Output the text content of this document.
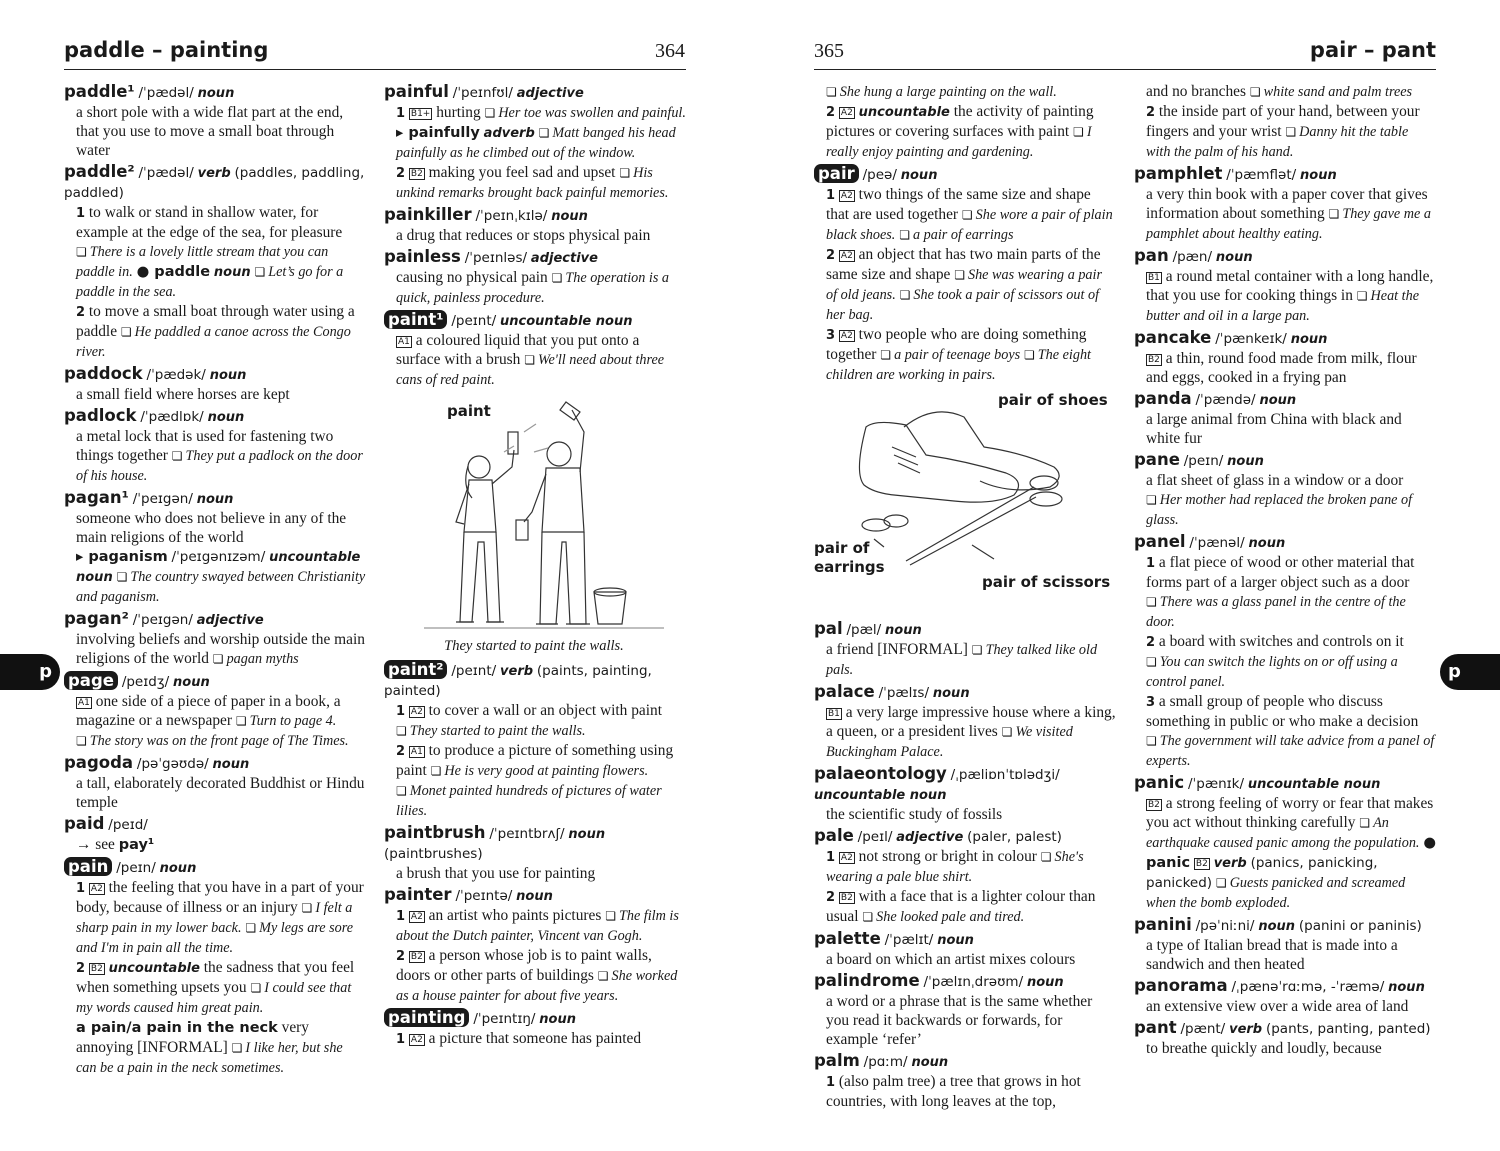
paddle – painting	364
p
paddle¹ /ˈpædəl/ noun
a short pole with a wide flat part at the end, that you use to move a small boat through water
paddle² /ˈpædəl/ verb (paddles, paddling, paddled)
1 to walk or stand in shallow water, for example at the edge of the sea, for pleasure ❏ There is a lovely little stream that you can paddle in. ● paddle noun ❏ Let’s go for a paddle in the sea.
2 to move a small boat through water using a paddle ❏ He paddled a canoe across the Congo river.
paddock /ˈpædək/ noun
a small field where horses are kept
padlock /ˈpædlɒk/ noun
a metal lock that is used for fastening two things together ❏ They put a padlock on the door of his house.
pagan¹ /ˈpeɪgən/ noun
someone who does not believe in any of the main religions of the world
▸ paganism /ˈpeɪgənɪzəm/ uncountable noun ❏ The country swayed between Christianity and paganism.
pagan² /ˈpeɪgən/ adjective
involving beliefs and worship outside the main religions of the world ❏ pagan myths
page /peɪdʒ/ noun
A1 one side of a piece of paper in a book, a magazine or a newspaper ❏ Turn to page 4. ❏ The story was on the front page of The Times.
pagoda /pəˈgəʊdə/ noun
a tall, elaborately decorated Buddhist or Hindu temple
paid /peɪd/
→ see pay¹
pain /peɪn/ noun
1 A2 the feeling that you have in a part of your body, because of illness or an injury ❏ I felt a sharp pain in my lower back. ❏ My legs are sore and I'm in pain all the time.
2 B2 uncountable the sadness that you feel when something upsets you ❏ I could see that my words caused him great pain.
a pain/a pain in the neck very annoying [INFORMAL] ❏ I like her, but she can be a pain in the neck sometimes.
painful /ˈpeɪnfʊl/ adjective
1 B1+ hurting ❏ Her toe was swollen and painful.
▸ painfully adverb ❏ Matt banged his head painfully as he climbed out of the window.
2 B2 making you feel sad and upset ❏ His unkind remarks brought back painful memories.
painkiller /ˈpeɪnˌkɪlə/ noun
a drug that reduces or stops physical pain
painless /ˈpeɪnləs/ adjective
causing no physical pain ❏ The operation is a quick, painless procedure.
paint¹ /peɪnt/ uncountable noun
A1 a coloured liquid that you put onto a surface with a brush ❏ We'll need about three cans of red paint.
paint
They started to paint the walls.
paint² /peɪnt/ verb (paints, painting, painted)
1 A2 to cover a wall or an object with paint ❏ They started to paint the walls.
2 A1 to produce a picture of something using paint ❏ He is very good at painting flowers. ❏ Monet painted hundreds of pictures of water lilies.
paintbrush /ˈpeɪntbrʌʃ/ noun (paintbrushes)
a brush that you use for painting
painter /ˈpeɪntə/ noun
1 A2 an artist who paints pictures ❏ The film is about the Dutch painter, Vincent van Gogh.
2 B2 a person whose job is to paint walls, doors or other parts of buildings ❏ She worked as a house painter for about five years.
painting /ˈpeɪntɪŋ/ noun
1 A2 a picture that someone has painted
365	pair – pant
p
❏ She hung a large painting on the wall.
2 A2 uncountable the activity of painting pictures or covering surfaces with paint ❏ I really enjoy painting and gardening.
pair /peə/ noun
1 A2 two things of the same size and shape that are used together ❏ She wore a pair of plain black shoes. ❏ a pair of earrings
2 A2 an object that has two main parts of the same size and shape ❏ She was wearing a pair of old jeans. ❏ She took a pair of scissors out of her bag.
3 A2 two people who are doing something together ❏ a pair of teenage boys ❏ The eight children are working in pairs.
pair of shoes
pair of earrings
pair of scissors
pal /pæl/ noun
a friend [INFORMAL] ❏ They talked like old pals.
palace /ˈpælɪs/ noun
B1 a very large impressive house where a king, a queen, or a president lives ❏ We visited Buckingham Palace.
palaeontology /ˌpæliɒnˈtɒlədʒi/ uncountable noun
the scientific study of fossils
pale /peɪl/ adjective (paler, palest)
1 A2 not strong or bright in colour ❏ She's wearing a pale blue shirt.
2 B2 with a face that is a lighter colour than usual ❏ She looked pale and tired.
palette /ˈpælɪt/ noun
a board on which an artist mixes colours
palindrome /ˈpælɪnˌdrəʊm/ noun
a word or a phrase that is the same whether you read it backwards or forwards, for example ‘refer’
palm /pɑːm/ noun
1 (also palm tree) a tree that grows in hot countries, with long leaves at the top,
and no branches ❏ white sand and palm trees
2 the inside part of your hand, between your fingers and your wrist ❏ Danny hit the table with the palm of his hand.
pamphlet /ˈpæmflət/ noun
a very thin book with a paper cover that gives information about something ❏ They gave me a pamphlet about healthy eating.
pan /pæn/ noun
B1 a round metal container with a long handle, that you use for cooking things in ❏ Heat the butter and oil in a large pan.
pancake /ˈpænkeɪk/ noun
B2 a thin, round food made from milk, flour and eggs, cooked in a frying pan
panda /ˈpændə/ noun
a large animal from China with black and white fur
pane /peɪn/ noun
a flat sheet of glass in a window or a door ❏ Her mother had replaced the broken pane of glass.
panel /ˈpænəl/ noun
1 a flat piece of wood or other material that forms part of a larger object such as a door ❏ There was a glass panel in the centre of the door.
2 a board with switches and controls on it ❏ You can switch the lights on or off using a control panel.
3 a small group of people who discuss something in public or who make a decision ❏ The government will take advice from a panel of experts.
panic /ˈpænɪk/ uncountable noun
B2 a strong feeling of worry or fear that makes you act without thinking carefully ❏ An earthquake caused panic among the population. ● panic B2 verb (panics, panicking, panicked) ❏ Guests panicked and screamed when the bomb exploded.
panini /pəˈniːni/ noun (panini or paninis)
a type of Italian bread that is made into a sandwich and then heated
panorama /ˌpænəˈrɑːmə, -ˈræmə/ noun
an extensive view over a wide area of land
pant /pænt/ verb (pants, panting, panted)
to breathe quickly and loudly, because
